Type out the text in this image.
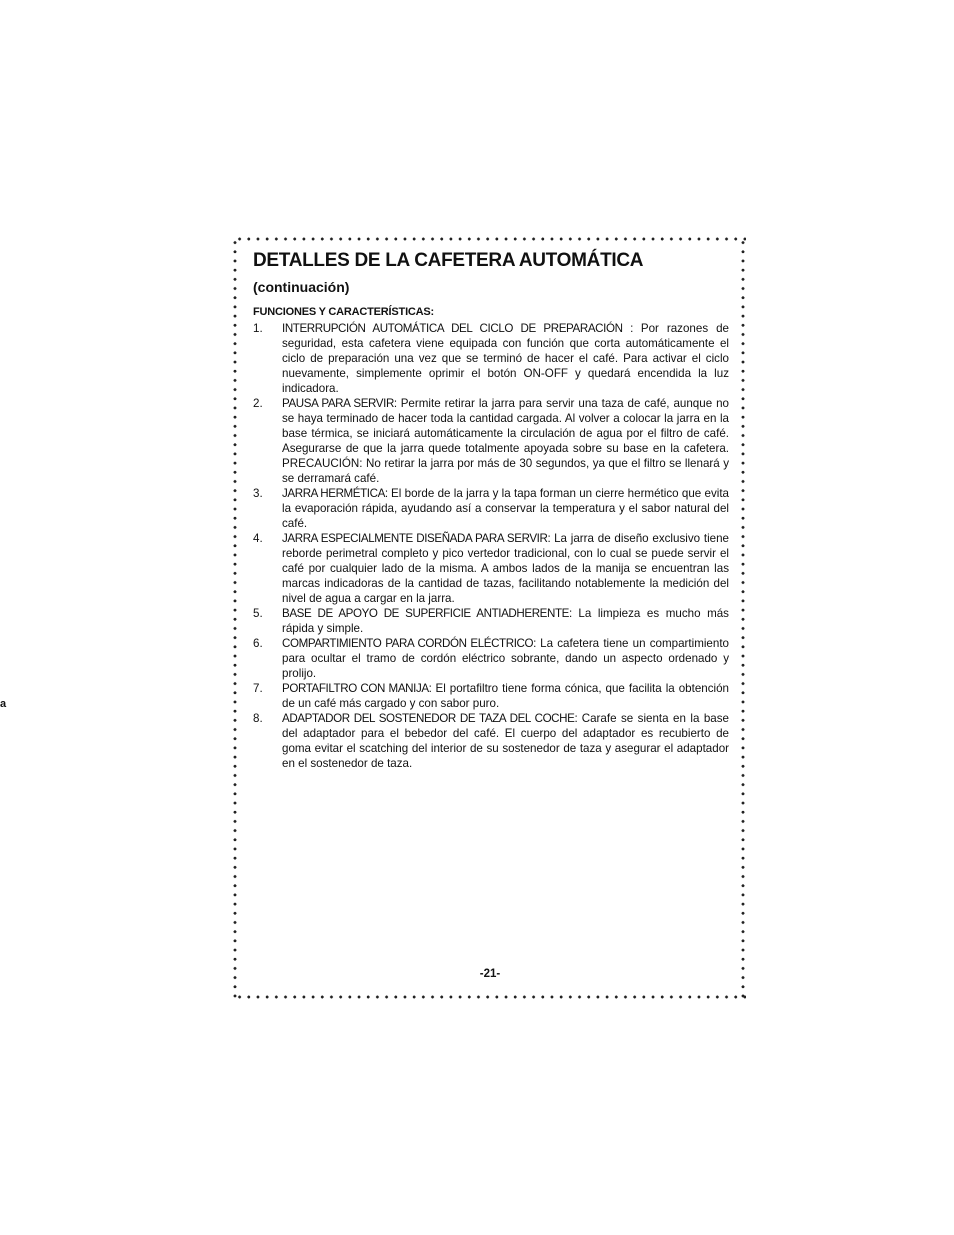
a
DETALLES DE LA CAFETERA AUTOMÁTICA
(continuación)
FUNCIONES Y CARACTERÍSTICAS:
1. INTERRUPCIÓN AUTOMÁTICA DEL CICLO DE PREPARACIÓN : Por razones de seguridad, esta cafetera viene equipada con función que corta automáticamente el ciclo de preparación una vez que se terminó de hacer el café. Para activar el ciclo nuevamente, simplemente oprimir el botón ON-OFF y quedará encendida la luz indicadora.
2. PAUSA PARA SERVIR: Permite retirar la jarra para servir una taza de café, aunque no se haya terminado de hacer toda la cantidad cargada. Al volver a colocar la jarra en la base térmica, se iniciará automáticamente la circulación de agua por el filtro de café. Asegurarse de que la jarra quede totalmente apoyada sobre su base en la cafetera. PRECAUCIÓN: No retirar la jarra por más de 30 segundos, ya que el filtro se llenará y se derramará café.
3. JARRA HERMÉTICA: El borde de la jarra y la tapa forman un cierre hermético que evita la evaporación rápida, ayudando así a conservar la temperatura y el sabor natural del café.
4. JARRA ESPECIALMENTE DISEÑADA PARA SERVIR: La jarra de diseño exclusivo tiene reborde perimetral completo y pico vertedor tradicional, con lo cual se puede servir el café por cualquier lado de la misma. A ambos lados de la manija se encuentran las marcas indicadoras de la cantidad de tazas, facilitando notablemente la medición del nivel de agua a cargar en la jarra.
5. BASE DE APOYO DE SUPERFICIE ANTIADHERENTE: La limpieza es mucho más rápida y simple.
6. COMPARTIMIENTO PARA CORDÓN ELÉCTRICO: La cafetera tiene un compartimiento para ocultar el tramo de cordón eléctrico sobrante, dando un aspecto ordenado y prolijo.
7. PORTAFILTRO CON MANIJA: El portafiltro tiene forma cónica, que facilita la obtención de un café más cargado y con sabor puro.
8. ADAPTADOR DEL SOSTENEDOR DE TAZA DEL COCHE: Carafe se sienta en la base del adaptador para el bebedor del café. El cuerpo del adaptador es recubierto de goma evitar el scatching del interior de su sostenedor de taza y asegurar el adaptador en el sostenedor de taza.
-21-
